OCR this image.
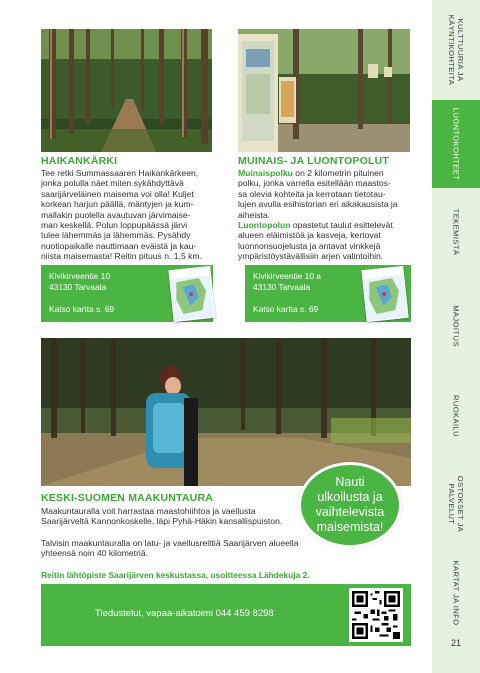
HAIKANKÄRKI
Tee retki Summassaaren Haikankärkeen,
jonka polulla näet miten sykähdyttävä
saarijärveläinen maisema voi olla! Kuljet
korkean harjun päällä, mäntyjen ja kum-
mallakin puolella avautuvan järvimaise-
man keskellä. Polun loppupäässä järvi
tulee lähemmäs ja lähemmäs. Pysähdy
nuotiopaikalle nauttimaan eväistä ja kau-
niista maisemasta! Reitin pituus n. 1,5 km.
Kivikirveentie 10
43130 Tarvaala
Katso kartta s. 69
MUINAIS- JA LUONTOPOLUT
Muinaispolku on 2 kilometrin pituinen
polku, jonka varrella esitellään maastos-
sa olevia kohteita ja kerrotaan tietotau-
lujen avulla esihistorian eri aikakausista ja
aiheista.
Luontopolun opastetut taulut esittelevät
alueen eläimistöä ja kasveja, kertovat
luonnonsuojelusta ja antavat vinkkejä
ympäristöystävällisiin arjen valintoihin.
Kivikirveentie 10 a
43130 Tarvaala
Katso kartta s. 69
Nauti
ulkoilusta ja
vaihtelevista
maisemista!
KESKI-SUOMEN MAAKUNTAURA
Maakuntauralla voit harrastaa maastohiihtoa ja vaellusta
Saarijärveltä Kannonkoskelle, läpi Pyhä-Häkin kansallispuiston.
Talvisin maakuntauralla on latu- ja vaellusreittiä Saarijärven alueella
yhteensä noin 40 kilometriä.
Reitin lähtöpiste Saarijärven keskustassa, osoitteessa Lähdekuja 2.
Tiedustelut, vapaa-aikatoimi 044 459 8298
KULTTUURIA JA
KÄYNTIKOHTEITA
LUONTOKOHTEET
TEKEMISTÄ
MAJOITUS
RUOKAILU
OSTOKSET JA
PALVELUT
KARTAT JA INFO
21
